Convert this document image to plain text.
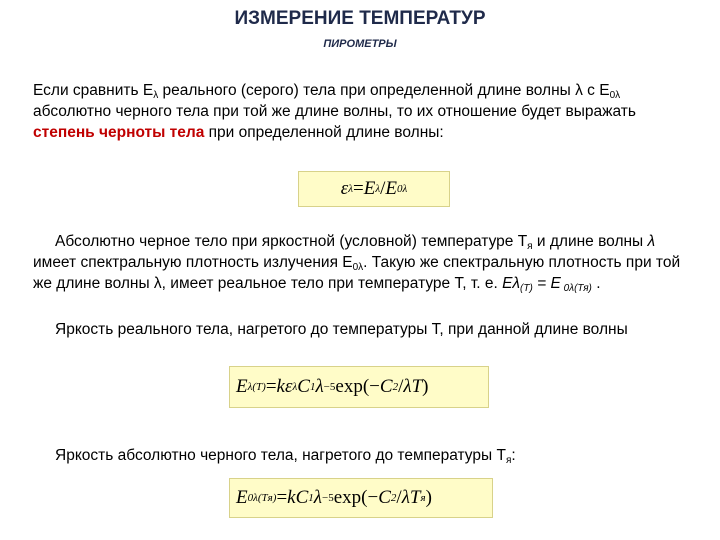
ИЗМЕРЕНИЕ ТЕМПЕРАТУР
ПИРОМЕТРЫ
Если сравнить $E_\lambda$ реального (серого) тела при определенной длине волны λ с $E_{0\lambda}$ абсолютно черного тела при той же длине волны, то их отношение будет выражать степень черноты тела при определенной длине волны:
ε λ = E λ / E 0λ
Абсолютно черное тело при яркостной (условной) температуре $Т_я$ и длине волны λ имеет спектральную плотность излучения $E_{0\lambda}$. Такую же спектральную плотность при той же длине волны λ, имеет реальное тело при температуре Т, т. е. $E\lambda_{(T)} = E$ $_{0\lambda(Тя)}$ .
Яркость реального тела, нагретого до температуры Т, при данной длине волны
E λ(T) = k ε λ C 1 λ −5 exp(− C 2 / λT )
Яркость абсолютно черного тела, нагретого до температуры $Т_я$:
E 0λ(Tя) = k C 1 λ −5 exp(− C 2 / λT я )
